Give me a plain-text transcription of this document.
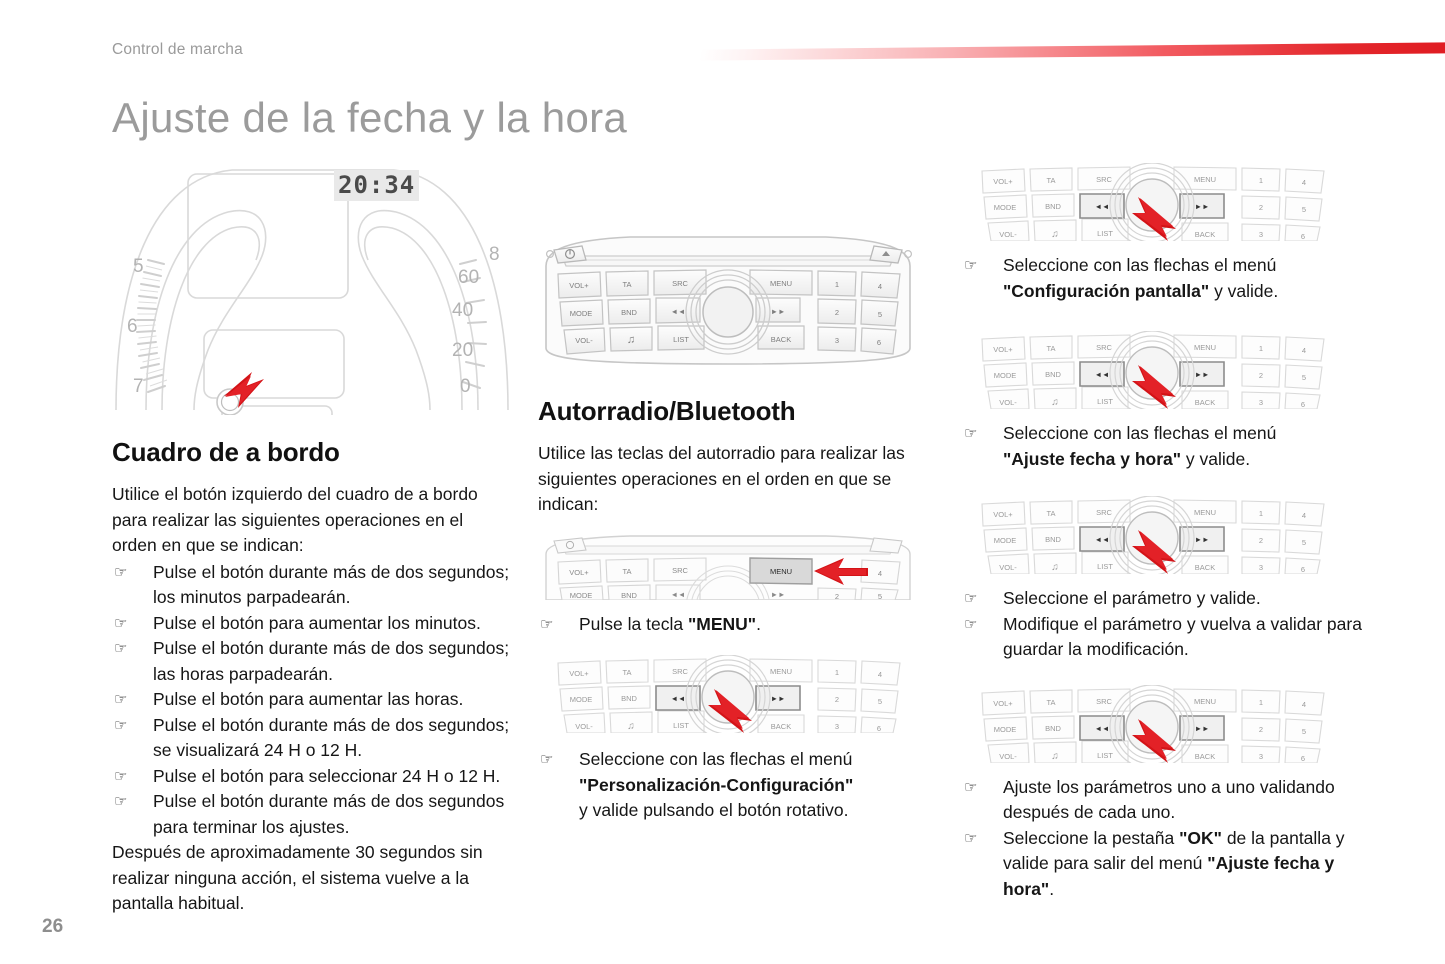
Control de marcha
Ajuste de la fecha y la hora
5
6
7
8
60
40
20
0
20:34
Cuadro de a bordo

Utilice el botón izquierdo del cuadro de a bordo para realizar las siguientes operaciones en el orden en que se indican:

☞ Pulse el botón durante más de dos segundos; los minutos parpadearán.
☞ Pulse el botón para aumentar los minutos.
☞ Pulse el botón durante más de dos segundos; las horas parpadearán.
☞ Pulse el botón para aumentar las horas.
☞ Pulse el botón durante más de dos segundos; se visualizará 24 H o 12 H.
☞ Pulse el botón para seleccionar 24 H o 12 H.
☞ Pulse el botón durante más de dos segundos para terminar los ajustes.

Después de aproximadamente 30 segundos sin realizar ninguna acción, el sistema vuelve a la pantalla habitual.

VOL+	TA	SRC
MODE	BND	◄◄
VOL-	♫	LIST
MENU
►►
BACK
1	4
2	5
3	6
Autorradio/Bluetooth

Utilice las teclas del autorradio para realizar las siguientes operaciones en el orden en que se indican:

VOL+	TA	SRC
MODE	BND	◄◄
MENU
►►
4
5
2
☞ Pulse la tecla "MENU".
VOL+	TA	SRC
MODE	BND	◄◄
VOL-	♫	LIST
MENU
►►
BACK
1	4
2	5
3	6
☞ Seleccione con las flechas el menú
"Personalización-Configuración"
y valide pulsando el botón rotativo.
VOL+	TA	SRC
MODE	BND	◄◄
VOL-	♫	LIST
MENU
►►
BACK
1	4
2	5
3	6
☞ Seleccione con las flechas el menú
"Configuración pantalla" y valide.
VOL+	TA	SRC
MODE	BND	◄◄
VOL-	♫	LIST
MENU
►►
BACK
1	4
2	5
3	6
☞ Seleccione con las flechas el menú
"Ajuste fecha y hora" y valide.
VOL+	TA	SRC
MODE	BND	◄◄
VOL-	♫	LIST
MENU
►►
BACK
1	4
2	5
3	6
☞ Seleccione el parámetro y valide.
☞ Modifique el parámetro y vuelva a validar para guardar la modificación.
VOL+	TA	SRC
MODE	BND	◄◄
VOL-	♫	LIST
MENU
►►
BACK
1	4
2	5
3	6
☞ Ajuste los parámetros uno a uno validando después de cada uno.
☞ Seleccione la pestaña "OK" de la pantalla y valide para salir del menú "Ajuste fecha y hora".
26
